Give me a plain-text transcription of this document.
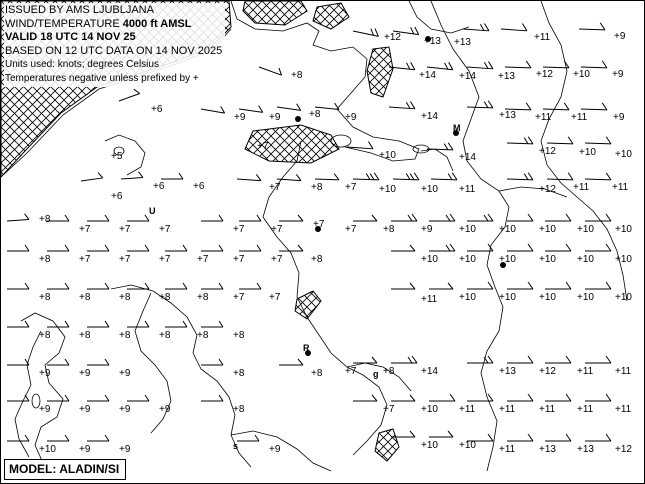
ISSUED BY AMS LJUBLJANA
WIND/TEMPERATURE 4000 ft AMSL
VALID 18 UTC 14 NOV 25
BASED ON 12 UTC DATA ON 14 NOV 2025
Units used: knots; degrees Celsius
Temperatures negative unless prefixed by +
MODEL: ALADIN/SI
+12 +13 +13	+11	+9
+8	+14 +14 +13 +12 +10 +9
+6
+9 +9	+8 +9	+14	+13 +11 +11	+9
+7
+5	+10	+14
+12 +10 +10
+6
+6	+6	+7	+8 +7 +10	+10 +11	+12 +11 +11
+8
+7	+7	+7	+7	+7	+7 +7	+8	+9	+10 +10 +10 +10 +10
+8	+7	+7	+7	+7 +7	+7	+8	+10 +10 +10 +10 +10 +10
+8	+8	+8	+8	+8 +7 +7	+11 +10 +10 +10 +10 +10
+8	+8	+8	+8	+8 +8
+9	+9	+9	+8	+8 +7	+8	+14	+13 +12 +11 +11
+9	+9	+9	+9	+8	+7	+10 +11 +11 +11 +11 +11
+10 +9	+9	+9	+10 +10 +11 +13 +13 +12
U
M
R
g
s
